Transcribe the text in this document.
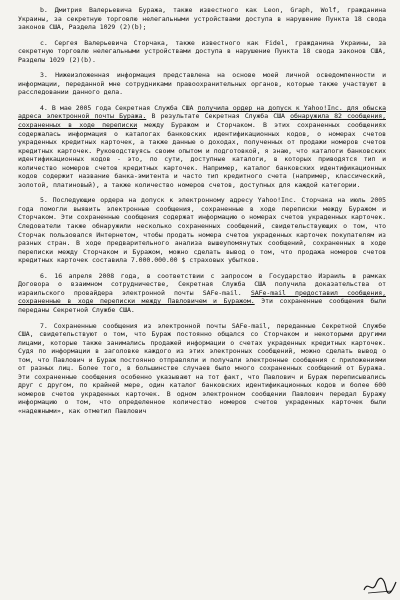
b. Дмитрия Валерьевича Буража, также известного как Leon, Graph, Wolf, гражданина Украины, за секретную торговлю нелегальными устройствами доступа в нарушение Пункта 18 свода законов США, Раздела 1029 (2)(b);

c. Сергея Валерьевича Сторчака, также известного как Fidel, гражданина Украины, за секретную торговлю нелегальными устройствами доступа в нарушение Пункта 18 свода законов США, Разделы 1029 (2)(b).

3. Нижеизложенная информация представлена на основе моей личной осведомленности и информации, переданной мне сотрудниками правоохранительных органов, которые также участвуют в расследовании данного дела.

4. В мае 2005 года Секретная Служба США получила ордер на допуск к Yahoo!Inc. для обыска адреса электронной почты Буража. В результате Секретная Служба США обнаружила 82 сообщения, сохраненных в ходе переписки между Буражом и Сторчаком. В этих сохраненных сообщениях содержалась информация о каталогах банковских идентификационных кодов, о номерах счетов украденных кредитных карточек, а также данные о доходах, полученных от продажи номеров счетов кредитных карточек. Руководствуясь своим опытом и подготовкой, я знаю, что каталоги банковских идентификационных кодов - это, по сути, доступные каталоги, в которых приводятся тип и количество номеров счетов кредитных карточек. Например, каталог банковских идентификационных кодов содержит название банка-эмитента и часто тип кредитного счета (например, классический, золотой, платиновый), а также количество номеров счетов, доступных для каждой категории.

5. Последующие ордера на допуск к электронному адресу Yahoo!Inc. Сторчака на июль 2005 года помогли выявить электронные сообщения, сохраненные в ходе переписки между Буражом и Сторчаком. Эти сохраненные сообщения содержат информацию о номерах счетов украденных карточек. Следователи также обнаружили несколько сохраненных сообщений, свидетельствующих о том, что Сторчак пользовался Интернетом, чтобы продать номера счетов украденных карточек покупателям из разных стран. В ходе предварительного анализа вышеупомянутых сообщений, сохраненных в ходе переписки между Сторчаком и Буражом, можно сделать вывод о том, что продажа номеров счетов кредитных карточек составила 7.000.000.00 $ страховых убытков.

6. 16 апреля 2008 года, в соответствии с запросом в Государство Израиль в рамках Договора о взаимном сотрудничестве, Секретная Служба США получила доказательства от израильского провайдера электронной почты SAFe-mail. SAFe-mail предоставил сообщения, сохраненные в ходе переписки между Павловичем и Буражом. Эти сохраненные сообщения были переданы Секретной Службе США.

7. Сохраненные сообщения из электронной почты SAFe-mail, переданные Секретной Службе США, свидетельствуют о том, что Бураж постоянно общался со Сторчаком и некоторыми другими лицами, которые также занимались продажей информации о счетах украденных кредитных карточек. Судя по информации в заголовке каждого из этих электронных сообщений, можно сделать вывод о том, что Павлович и Бураж постоянно отправляли и получали электронные сообщения с приложениями от разных лиц. Более того, в большинстве случаев было много сохраненных сообщений от Буража. Эти сохраненные сообщения особенно указывают на тот факт, что Павлович и Бураж переписывались друг с другом, по крайней мере, один каталог банковских идентификационных кодов и более 600 номеров счетов украденных карточек. В одном электронном сообщении Павлович передал Буражу информацию о том, что определенное количество номеров счетов украденных карточек были «надежными», как отметил Павлович
